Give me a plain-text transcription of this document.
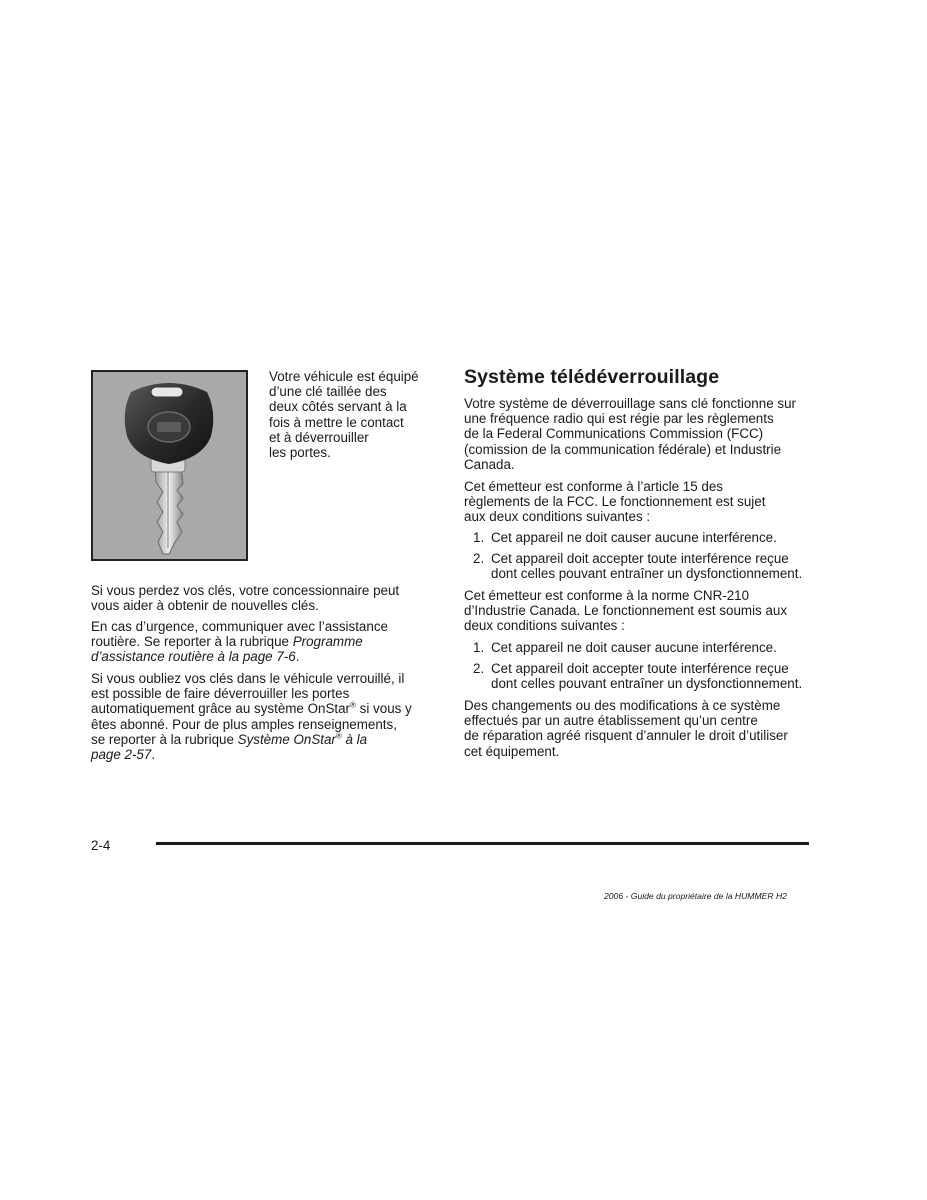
Votre véhicule est équipé
d’une clé taillée des
deux côtés servant à la
fois à mettre le contact
et à déverrouiller
les portes.
Si vous perdez vos clés, votre concessionnaire peut
vous aider à obtenir de nouvelles clés.
En cas d’urgence, communiquer avec l’assistance
routière. Se reporter à la rubrique Programme
d’assistance routière à la page 7-6.
Si vous oubliez vos clés dans le véhicule verrouillé, il
est possible de faire déverrouiller les portes
automatiquement grâce au système OnStar® si vous y
êtes abonné. Pour de plus amples renseignements,
se reporter à la rubrique Système OnStar® à la
page 2-57.
Système télédéverrouillage
Votre système de déverrouillage sans clé fonctionne sur
une fréquence radio qui est régie par les règlements
de la Federal Communications Commission (FCC)
(comission de la communication fédérale) et Industrie
Canada.
Cet émetteur est conforme à l’article 15 des
règlements de la FCC. Le fonctionnement est sujet
aux deux conditions suivantes :
1. Cet appareil ne doit causer aucune interférence.
2. Cet appareil doit accepter toute interférence reçue
dont celles pouvant entraîner un dysfonctionnement.
Cet émetteur est conforme à la norme CNR-210
d’Industrie Canada. Le fonctionnement est soumis aux
deux conditions suivantes :
1. Cet appareil ne doit causer aucune interférence.
2. Cet appareil doit accepter toute interférence reçue
dont celles pouvant entraîner un dysfonctionnement.
Des changements ou des modifications à ce système
effectués par un autre établissement qu’un centre
de réparation agréé risquent d’annuler le droit d’utiliser
cet équipement.
2-4
2006 - Guide du propriétaire de la HUMMER H2
